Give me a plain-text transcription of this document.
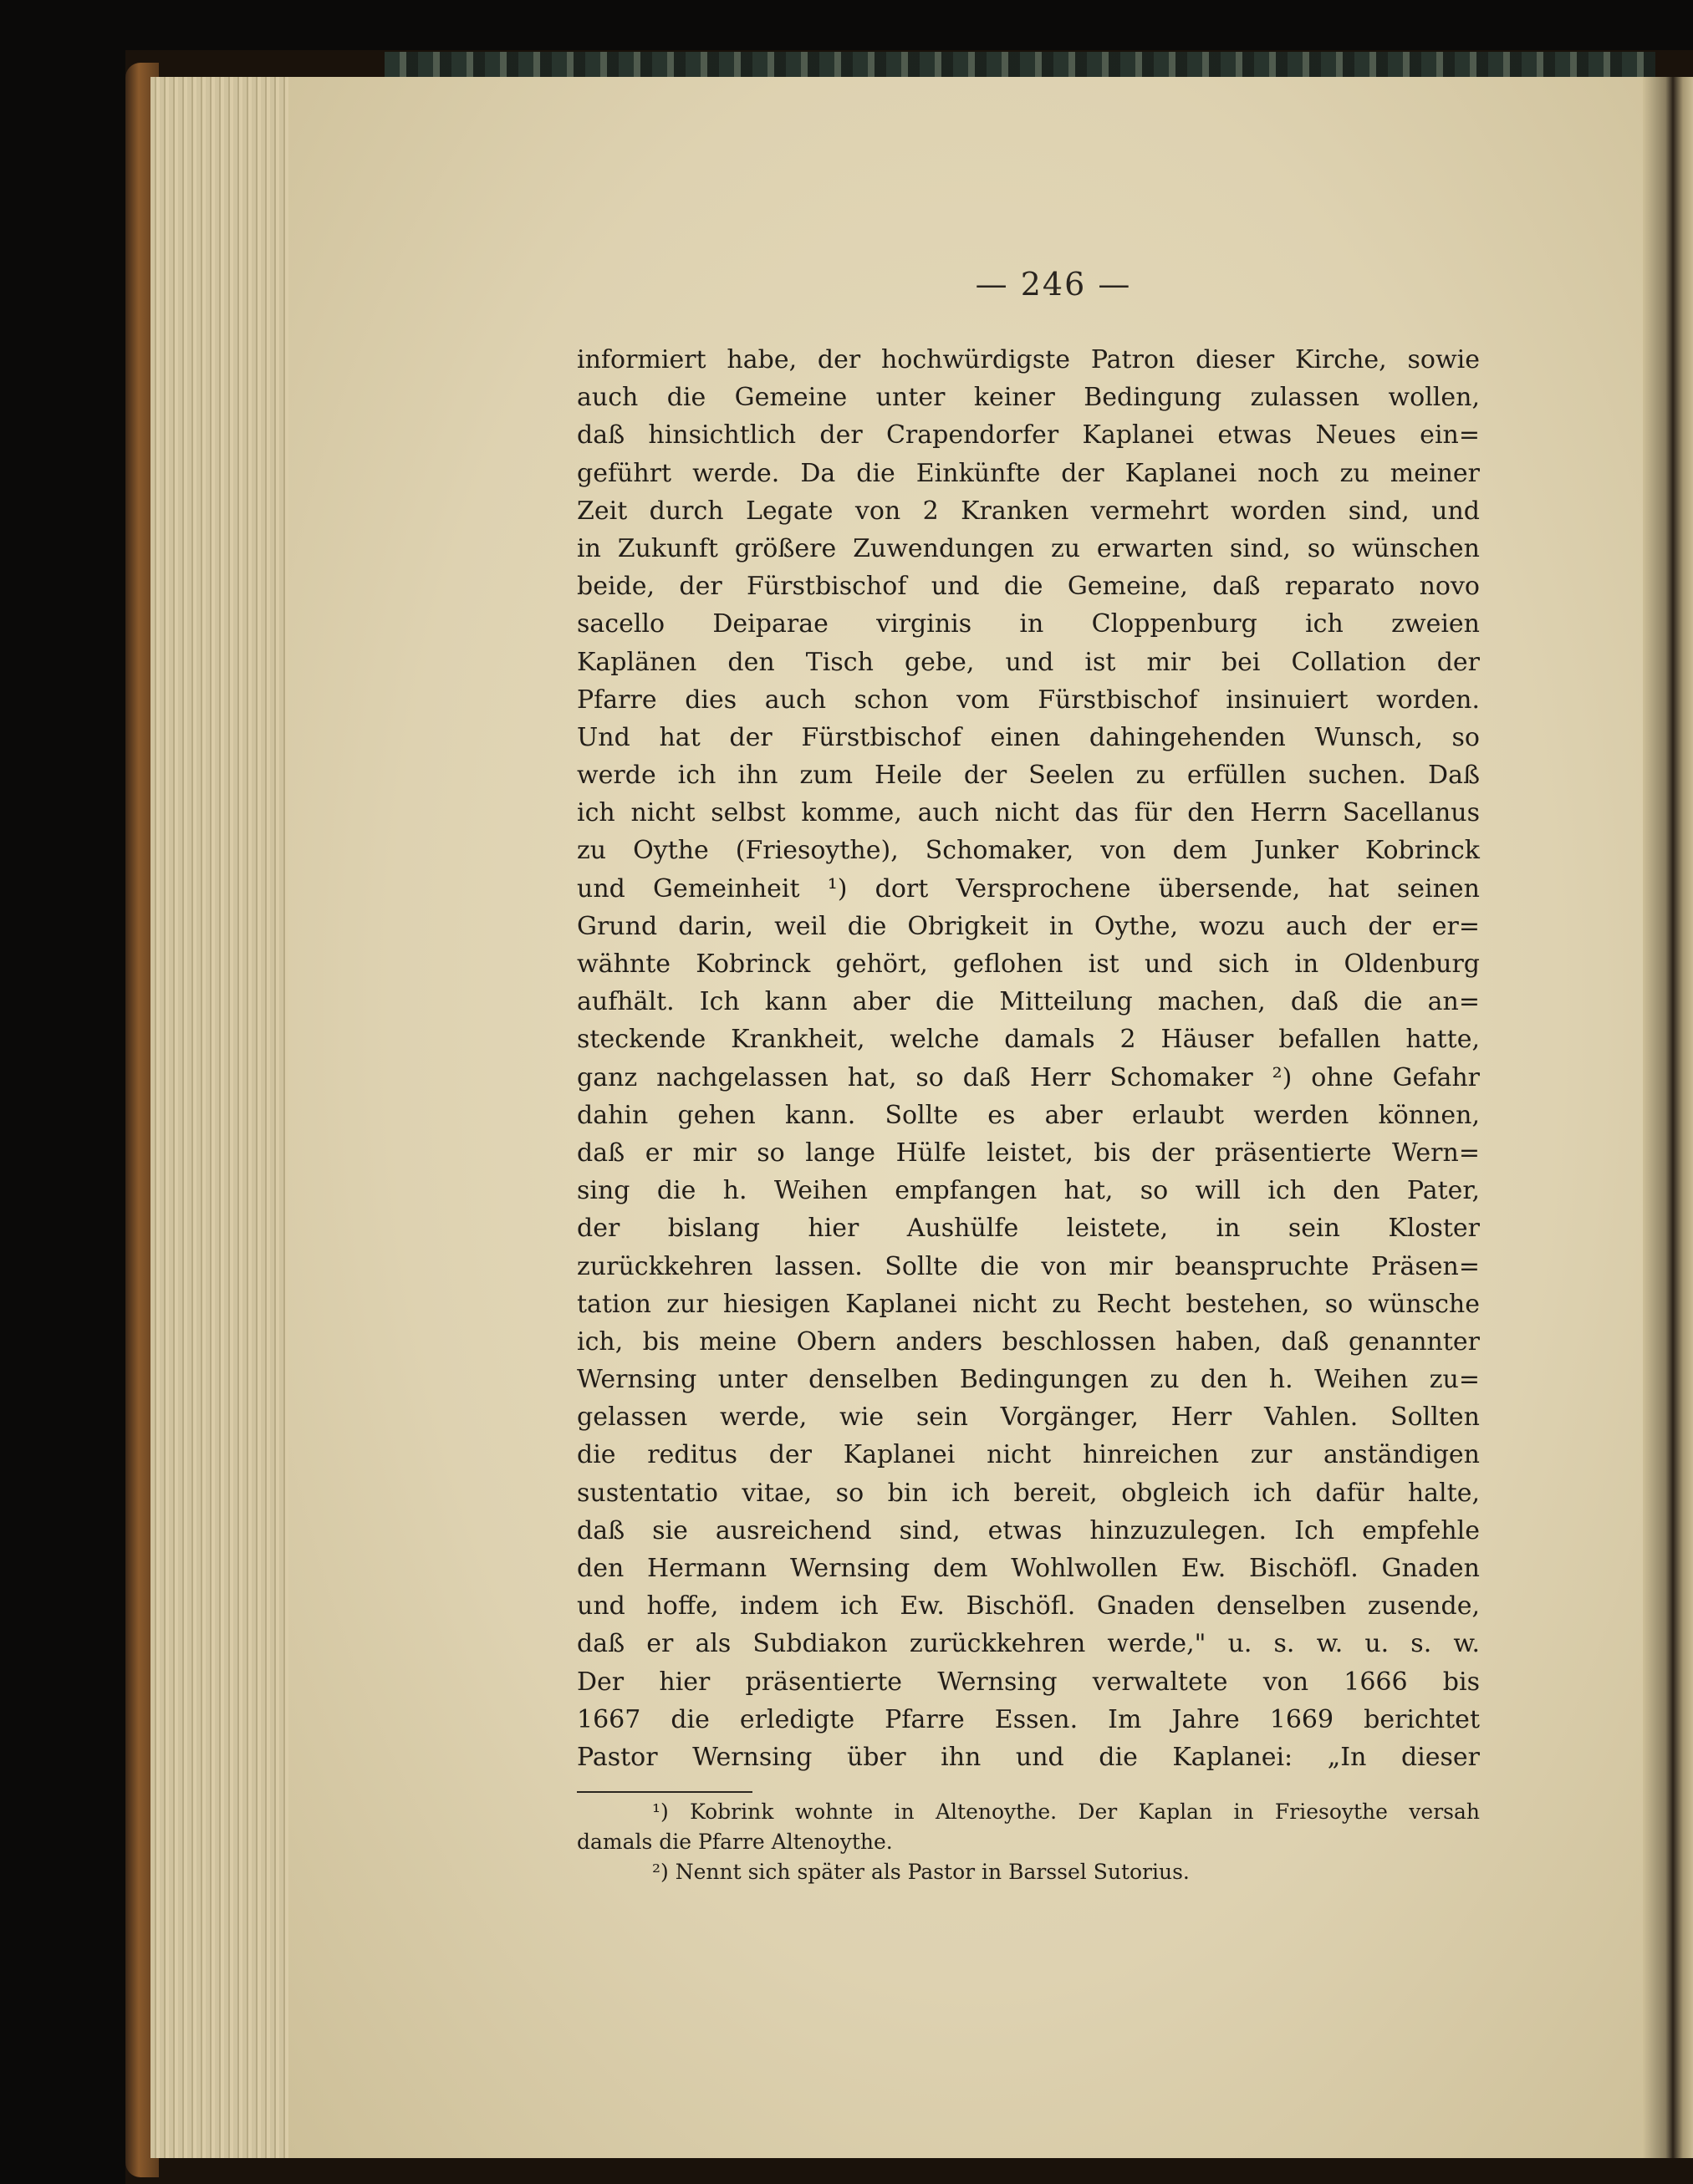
— 246 —
informiert habe, der hochwürdigste Patron dieser Kirche, sowie
auch die Gemeine unter keiner Bedingung zulassen wollen,
daß hinsichtlich der Crapendorfer Kaplanei etwas Neues ein=
geführt werde. Da die Einkünfte der Kaplanei noch zu meiner
Zeit durch Legate von 2 Kranken vermehrt worden sind, und
in Zukunft größere Zuwendungen zu erwarten sind, so wünschen
beide, der Fürstbischof und die Gemeine, daß reparato novo
sacello Deiparae virginis in Cloppenburg ich zweien
Kaplänen den Tisch gebe, und ist mir bei Collation der
Pfarre dies auch schon vom Fürstbischof insinuiert worden.
Und hat der Fürstbischof einen dahingehenden Wunsch, so
werde ich ihn zum Heile der Seelen zu erfüllen suchen. Daß
ich nicht selbst komme, auch nicht das für den Herrn Sacellanus
zu Oythe (Friesoythe), Schomaker, von dem Junker Kobrinck
und Gemeinheit ¹) dort Versprochene übersende, hat seinen
Grund darin, weil die Obrigkeit in Oythe, wozu auch der er=
wähnte Kobrinck gehört, geflohen ist und sich in Oldenburg
aufhält. Ich kann aber die Mitteilung machen, daß die an=
steckende Krankheit, welche damals 2 Häuser befallen hatte,
ganz nachgelassen hat, so daß Herr Schomaker ²) ohne Gefahr
dahin gehen kann. Sollte es aber erlaubt werden können,
daß er mir so lange Hülfe leistet, bis der präsentierte Wern=
sing die h. Weihen empfangen hat, so will ich den Pater,
der bislang hier Aushülfe leistete, in sein Kloster
zurückkehren lassen. Sollte die von mir beanspruchte Präsen=
tation zur hiesigen Kaplanei nicht zu Recht bestehen, so wünsche
ich, bis meine Obern anders beschlossen haben, daß genannter
Wernsing unter denselben Bedingungen zu den h. Weihen zu=
gelassen werde, wie sein Vorgänger, Herr Vahlen. Sollten
die reditus der Kaplanei nicht hinreichen zur anständigen
sustentatio vitae, so bin ich bereit, obgleich ich dafür halte,
daß sie ausreichend sind, etwas hinzuzulegen. Ich empfehle
den Hermann Wernsing dem Wohlwollen Ew. Bischöfl. Gnaden
und hoffe, indem ich Ew. Bischöfl. Gnaden denselben zusende,
daß er als Subdiakon zurückkehren werde," u. s. w. u. s. w.
Der hier präsentierte Wernsing verwaltete von 1666 bis
1667 die erledigte Pfarre Essen. Im Jahre 1669 berichtet
Pastor Wernsing über ihn und die Kaplanei: „In dieser
¹) Kobrink wohnte in Altenoythe. Der Kaplan in Friesoythe versah
damals die Pfarre Altenoythe.
²) Nennt sich später als Pastor in Barssel Sutorius.
